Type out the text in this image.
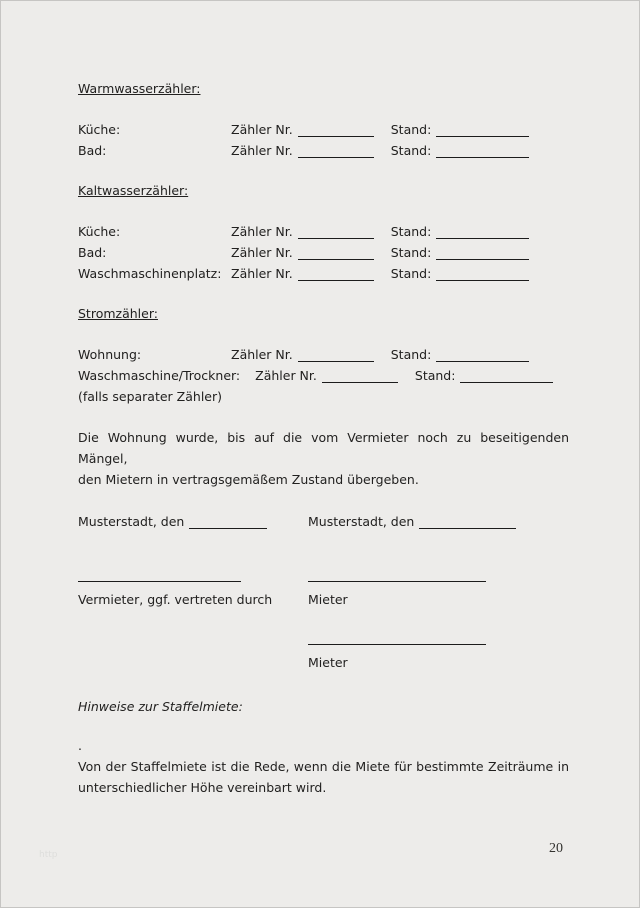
Warmwasserzähler:
Küche:	Zähler Nr.	Stand:
Bad:	Zähler Nr.	Stand:
Kaltwasserzähler:
Küche:	Zähler Nr.	Stand:
Bad:	Zähler Nr.	Stand:
Waschmaschinenplatz: Zähler Nr.	Stand:
Stromzähler:
Wohnung:	Zähler Nr.	Stand:
Waschmaschine/Trockner:	Zähler Nr.	Stand:
(falls separater Zähler)
Die Wohnung wurde, bis auf die vom Vermieter noch zu beseitigenden Mängel,
den Mietern in vertragsgemäßem Zustand übergeben.
Musterstadt, den	Musterstadt, den
Vermieter, ggf. vertreten durch	Mieter
Mieter
Hinweise zur Staffelmiete:
.
Von der Staffelmiete ist die Rede, wenn die Miete für bestimmte Zeiträume in
unterschiedlicher Höhe vereinbart wird.
20
http
